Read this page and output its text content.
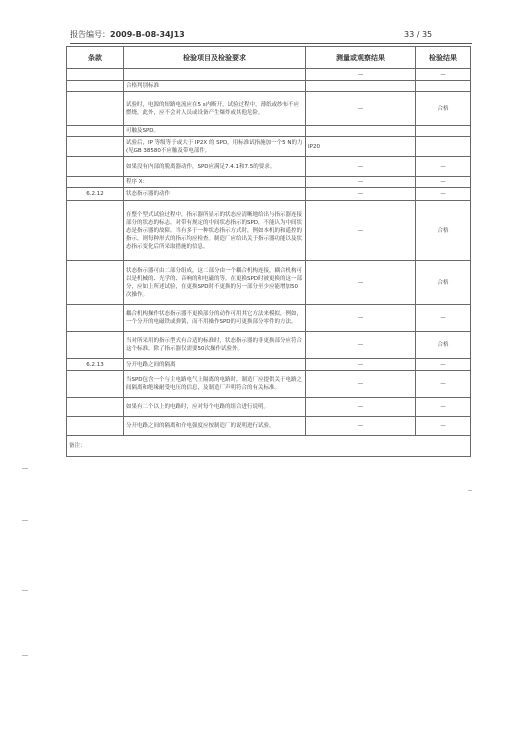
报告编号：2009-B-08-34J13	33 / 35
条款	检验项目及检验要求	测量或观察结果	检验结果
		—	—
	合格判别标准		
	试验时，电源的短路电流应在5 s内断开，试验过程中，薄纸或纱布不应燃烧，此外，应不会对人员或设备产生爆炸或其他危险。	—	合格
	可触及SPD。		
	试验后，IP 等级等于或大于 IP2X 的 SPD，用标准试指施加一个5 N的力(见GB 38580不应触及带电部件。	IP20	
	如果没有内部的脱离器动作，SPD应满足7.4.1和7.5的要求。	—	—
	程序 X：	—	—
6.2.12	状态指示器的动作	—	—
	在整个型式试验过程中，指示器所显示的状态应清晰地给出与指示器连接部分的状态的标志。对带有规定的中间状态指示的SPD，不能认为中间状态是指示器的故障。当有多于一种状态指示方式时，例如本机的和遥控的指示，则每种形式的指示均应检查。制造厂应给出关于指示器功能以及状态指示变化后所采取措施的信息。	—	合格
	状态指示器可由二部分组成，这二部分由一个耦合机构连接，耦合机构可以是机械的、光学的、音响的和电磁的等。在更换SPD时被更换的这一部分，应如上所述试验，在更换SPD时不更换的另一部分至少应能增加50次操作。	—	合格
	耦合机构操作状态指示器不更换部分的动作可用其它方法来模拟，例如，一个分开的电磁铁或弹簧，而不用操作SPD的可更换部分零件的方法。	—	—
	当对所采用的指示型式有合适的标准时，状态指示器的非更换部分应符合这个标准，除了指示器仅需要50次操作试验外。	—	合格
6.2.13	分开电路之间的隔离	—	—
	当SPD包含一个与主电路电气上隔离的电路时，制造厂应提供关于电路之间隔离和绝缘耐受电压的信息，及制造厂声明符合的有关标准。	—	—
	如果有二个以上的电路时，应对每个电路的组合进行说明。	—	—
	分开电路之间的隔离和介电强度应按制造厂的说明进行试验。	—	—
备注：			
